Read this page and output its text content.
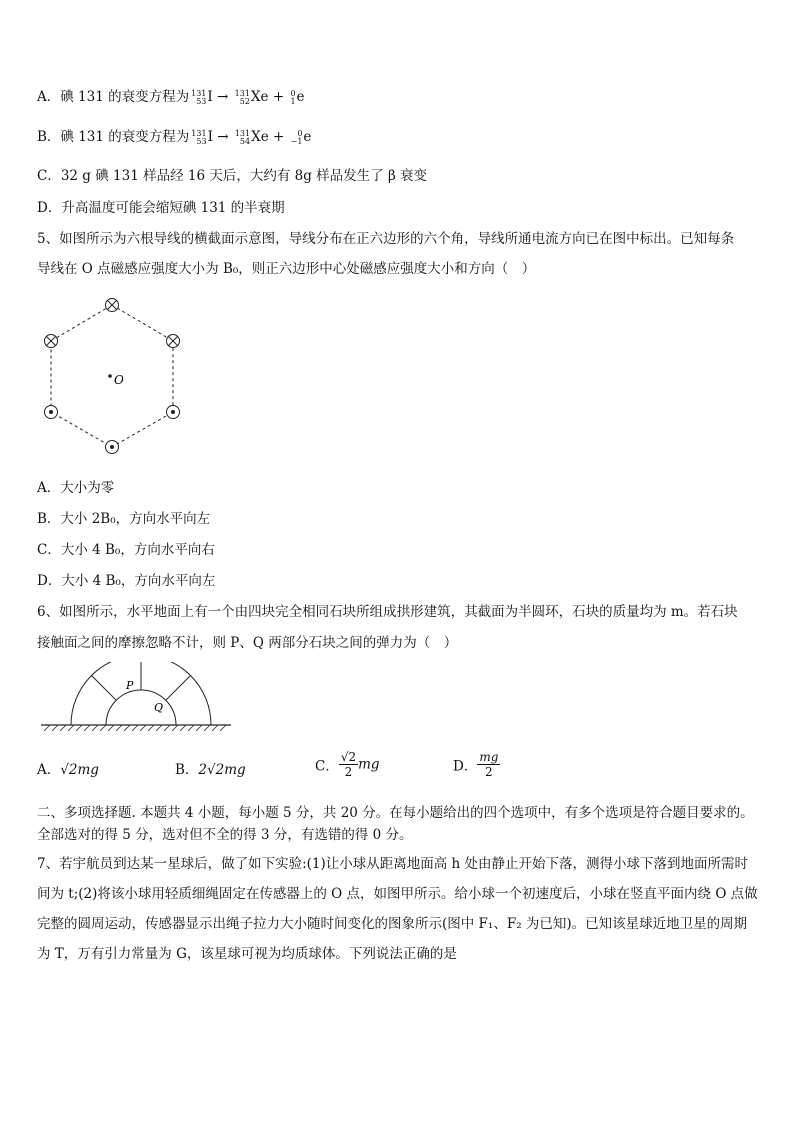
A．碘 131 的衰变方程为 131
53 I → 131
52 Xe + 0
1 e
B．碘 131 的衰变方程为 131
53 I → 131
54 Xe +	0
−1 e
C．32 g 碘 131 样品经 16 天后，大约有 8g 样品发生了 β 衰变
D．升高温度可能会缩短碘 131 的半衰期
5、如图所示为六根导线的横截面示意图，导线分布在正六边形的六个角，导线所通电流方向已在图中标出。已知每条
导线在 O 点磁感应强度大小为 B₀，则正六边形中心处磁感应强度大小和方向（　）
O
A．大小为零
B．大小 2B₀，方向水平向左
C．大小 4 B₀，方向水平向右
D．大小 4 B₀，方向水平向左
6、如图所示，水平地面上有一个由四块完全相同石块所组成拱形建筑，其截面为半圆环，石块的质量均为 m。若石块
接触面之间的摩擦忽略不计，则 P、Q 两部分石块之间的弹力为（　）
P
Q
A．√2mg	B．2√2mg	C． $\frac{√2}{2}$ mg	D． $\frac{mg}{2}$
二、多项选择题. 本题共 4 小题，每小题 5 分，共 20 分。在每小题给出的四个选项中，有多个选项是符合题目要求的。
全部选对的得 5 分，选对但不全的得 3 分，有选错的得 0 分。
7、若宇航员到达某一星球后，做了如下实验:(1)让小球从距离地面高 h 处由静止开始下落，测得小球下落到地面所需时间为 t;(2)将该小球用轻质细绳固定在传感器上的 O 点，如图甲所示。给小球一个初速度后，小球在竖直平面内绕 O 点做完整的圆周运动，传感器显示出绳子拉力大小随时间变化的图象所示(图中 F₁、F₂ 为已知)。已知该星球近地卫星的周期为 T，万有引力常量为 G，该星球可视为均质球体。下列说法正确的是
